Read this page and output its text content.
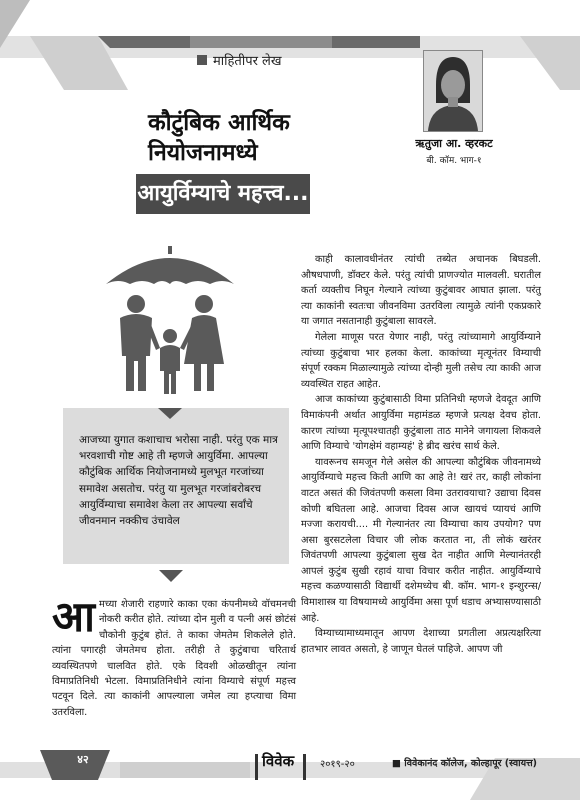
माहितीपर लेख
कौटुंबिक आर्थिक
नियोजनामध्ये
आयुर्विम्याचे महत्त्व...
ऋतुजा आ. व्हरकट
बी. कॉम. भाग-१
आजच्या युगात कशाचाच भरोसा नाही. परंतु एक मात्र भरवशाची गोष्ट आहे ती म्हणजे आयुर्विमा. आपल्या कौटुंबिक आर्थिक नियोजनामध्ये मुलभूत गरजांच्या समावेश असतोच. परंतु या मुलभूत गरजांबरोबरच आयुर्विम्याचा समावेश केला तर आपल्या सर्वांचे जीवनमान नक्कीच उंचावेल
आ मच्या शेजारी राहणारे काका एका कंपनीमध्ये वॉचमनची नोकरी करीत होते. त्यांच्या दोन मुली व पत्नी असं छोटंसं चौकोनी कुटुंब होतं. ते काका जेमतेम शिकलेले होते. त्यांना पगारही जेमतेमच होता. तरीही ते कुटुंबाचा चरितार्थ व्यवस्थितपणे चालवित होते. एके दिवशी ओळखीतून त्यांना विमाप्रतिनिधी भेटला. विमाप्रतिनिधीने त्यांना विम्याचे संपूर्ण महत्त्व पटवून दिले. त्या काकांनी आपल्याला जमेल त्या हप्त्याचा विमा उतरविला.

काही कालावधीनंतर त्यांची तब्येत अचानक बिघडली. औषधपाणी, डॉक्टर केले. परंतु त्यांची प्राणज्योत मालवली. घरातील कर्ता व्यक्तीच निघून गेल्याने त्यांच्या कुटुंबावर आघात झाला. परंतु त्या काकांनी स्वतःचा जीवनविमा उतरविला त्यामुळे त्यांनी एकप्रकारे या जगात नसतानाही कुटुंबाला सावरले.

गेलेला माणूस परत येणार नाही, परंतु त्यांच्यामागे आयुर्विम्याने त्यांच्या कुटुंबाचा भार हलका केला. काकांच्या मृत्यूनंतर विम्याची संपूर्ण रक्कम मिळाल्यामुळे त्यांच्या दोन्ही मुली तसेच त्या काकी आज व्यवस्थित राहत आहेत.

आज काकांच्या कुटुंबासाठी विमा प्रतिनिधी म्हणजे देवदूत आणि विमाकंपनी अर्थात आयुर्विमा महामंडळ म्हणजे प्रत्यक्ष देवच होता. कारण त्यांच्या मृत्यूपश्चातही कुटुंबाला ताठ मानेने जगायला शिकवले आणि विम्याचे 'योगक्षेमं वहाम्यहं' हे ब्रीद खरंच सार्थ केले.

यावरूनच समजून गेले असेल की आपल्या कौटुंबिक जीवनामध्ये आयुर्विम्याचे महत्त्व किती आणि का आहे ते! खरं तर, काही लोकांना वाटत असतं की जिवंतपणी कसला विमा उतरावयाचा? उद्याचा दिवस कोणी बघितला आहे. आजचा दिवस आज खायचं प्यायचं आणि मज्जा करायची.... मी गेल्यानंतर त्या विम्याचा काय उपयोग? पण असा बुरसटलेला विचार जी लोक करतात ना, ती लोकं खरंतर जिवंतपणी आपल्या कुटुंबाला सुख देत नाहीत आणि मेल्यानंतरही आपलं कुटुंब सुखी रहावं याचा विचार करीत नाहीत. आयुर्विम्याचे महत्त्व कळण्यासाठी विद्यार्थी दशेमध्येच बी. कॉम. भाग-१ इन्शुरन्स/विमाशास्त्र या विषयामध्ये आयुर्विमा असा पूर्ण धडाच अभ्यासण्यासाठी आहे.

विम्याच्यामाध्यमातून आपण देशाच्या प्रगतीला अप्रत्यक्षरित्या हातभार लावत असतो, हे जाणून घेतलं पाहिजे. आपण जी

४२	विवेक	२०१९-२०	■ विवेकानंद कॉलेज, कोल्हापूर (स्वायत्त)
